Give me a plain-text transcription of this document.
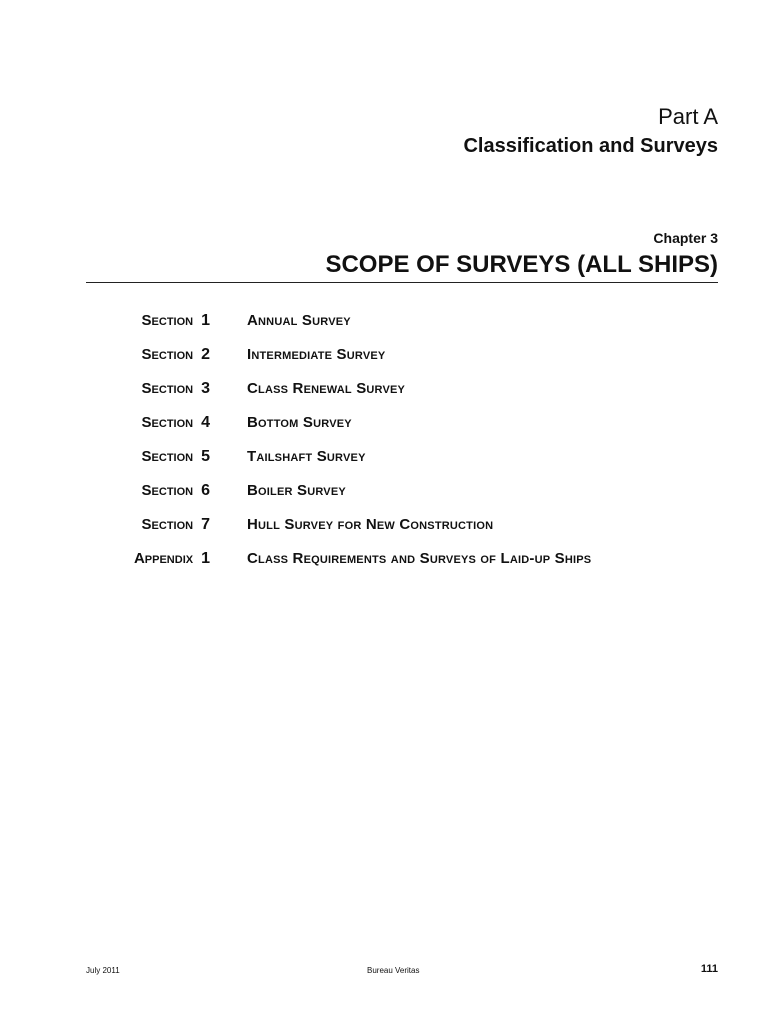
Part A
Classification and Surveys
Chapter 3
SCOPE OF SURVEYS (ALL SHIPS)
Section 1 Annual Survey
Section 2 Intermediate Survey
Section 3 Class Renewal Survey
Section 4 Bottom Survey
Section 5 Tailshaft Survey
Section 6 Boiler Survey
Section 7 Hull Survey for New Construction
Appendix 1 Class Requirements and Surveys of Laid-up Ships
July 2011	Bureau Veritas	111
